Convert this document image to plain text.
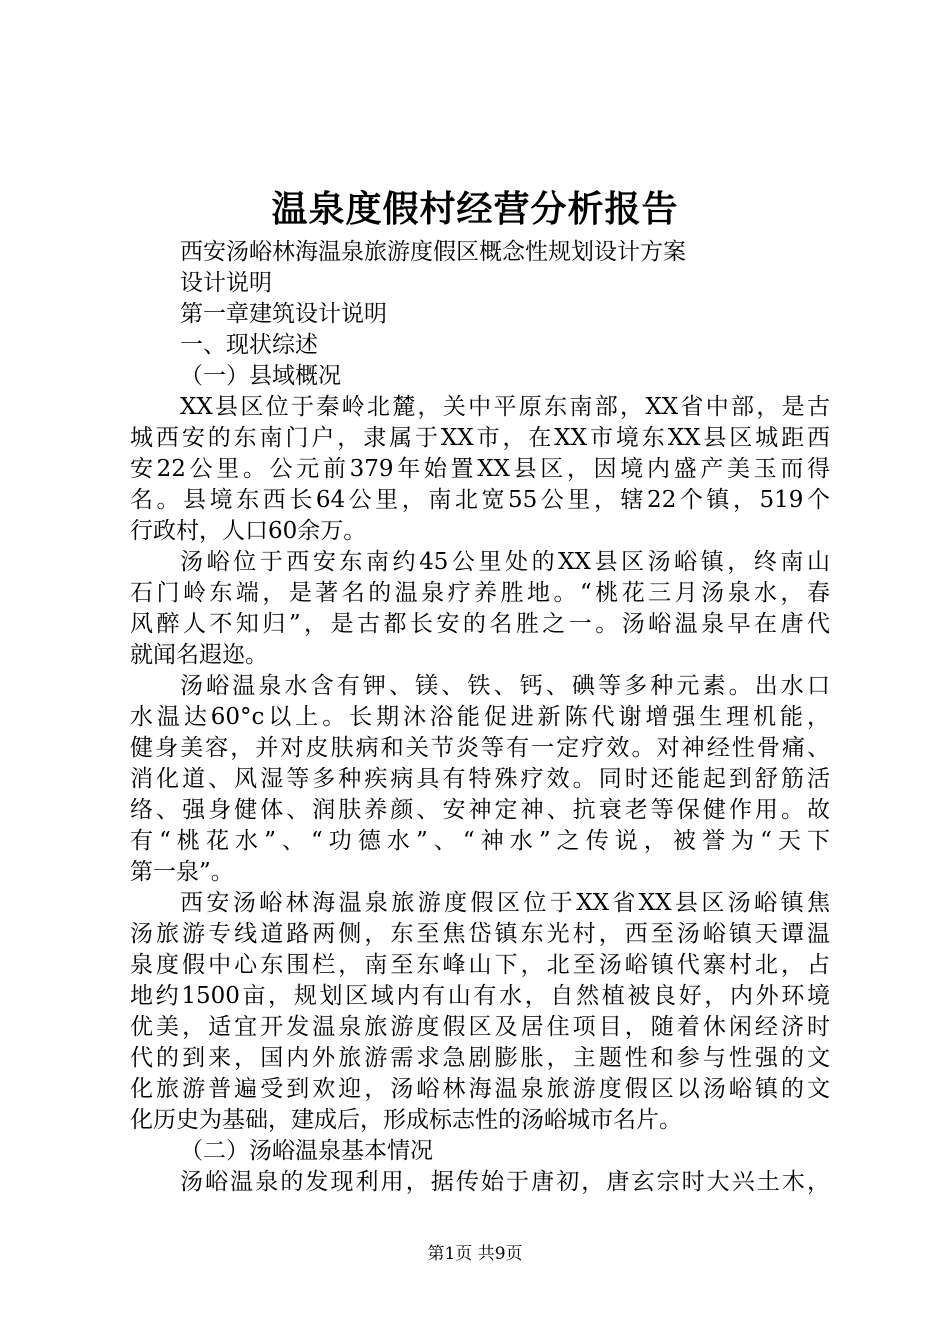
温泉度假村经营分析报告
西安汤峪林海温泉旅游度假区概念性规划设计方案
设计说明
第一章建筑设计说明
一、现状综述
（一）县域概况
XX县区位于秦岭北麓，关中平原东南部，XX省中部，是古
城西安的东南门户，隶属于XX市，在XX市境东XX县区城距西
安22公里。公元前379年始置XX县区，因境内盛产美玉而得
名。县境东西长64公里，南北宽55公里，辖22个镇，519个
行政村，人口60余万。
汤峪位于西安东南约45公里处的XX县区汤峪镇，终南山
石门岭东端，是著名的温泉疗养胜地。“桃花三月汤泉水，春
风醉人不知归”，是古都长安的名胜之一。汤峪温泉早在唐代
就闻名遐迩。
汤峪温泉水含有钾、镁、铁、钙、碘等多种元素。出水口
水温达60°c以上。长期沐浴能促进新陈代谢增强生理机能，
健身美容，并对皮肤病和关节炎等有一定疗效。对神经性骨痛、
消化道、风湿等多种疾病具有特殊疗效。同时还能起到舒筋活
络、强身健体、润肤养颜、安神定神、抗衰老等保健作用。故
有“桃花水”、“功德水”、“神水”之传说，被誉为“天下
第一泉”。
西安汤峪林海温泉旅游度假区位于XX省XX县区汤峪镇焦
汤旅游专线道路两侧，东至焦岱镇东光村，西至汤峪镇天谭温
泉度假中心东围栏，南至东峰山下，北至汤峪镇代寨村北，占
地约1500亩，规划区域内有山有水，自然植被良好，内外环境
优美，适宜开发温泉旅游度假区及居住项目，随着休闲经济时
代的到来，国内外旅游需求急剧膨胀，主题性和参与性强的文
化旅游普遍受到欢迎，汤峪林海温泉旅游度假区以汤峪镇的文
化历史为基础，建成后，形成标志性的汤峪城市名片。
（二）汤峪温泉基本情况
汤峪温泉的发现利用，据传始于唐初，唐玄宗时大兴土木，
第1页 共9页
